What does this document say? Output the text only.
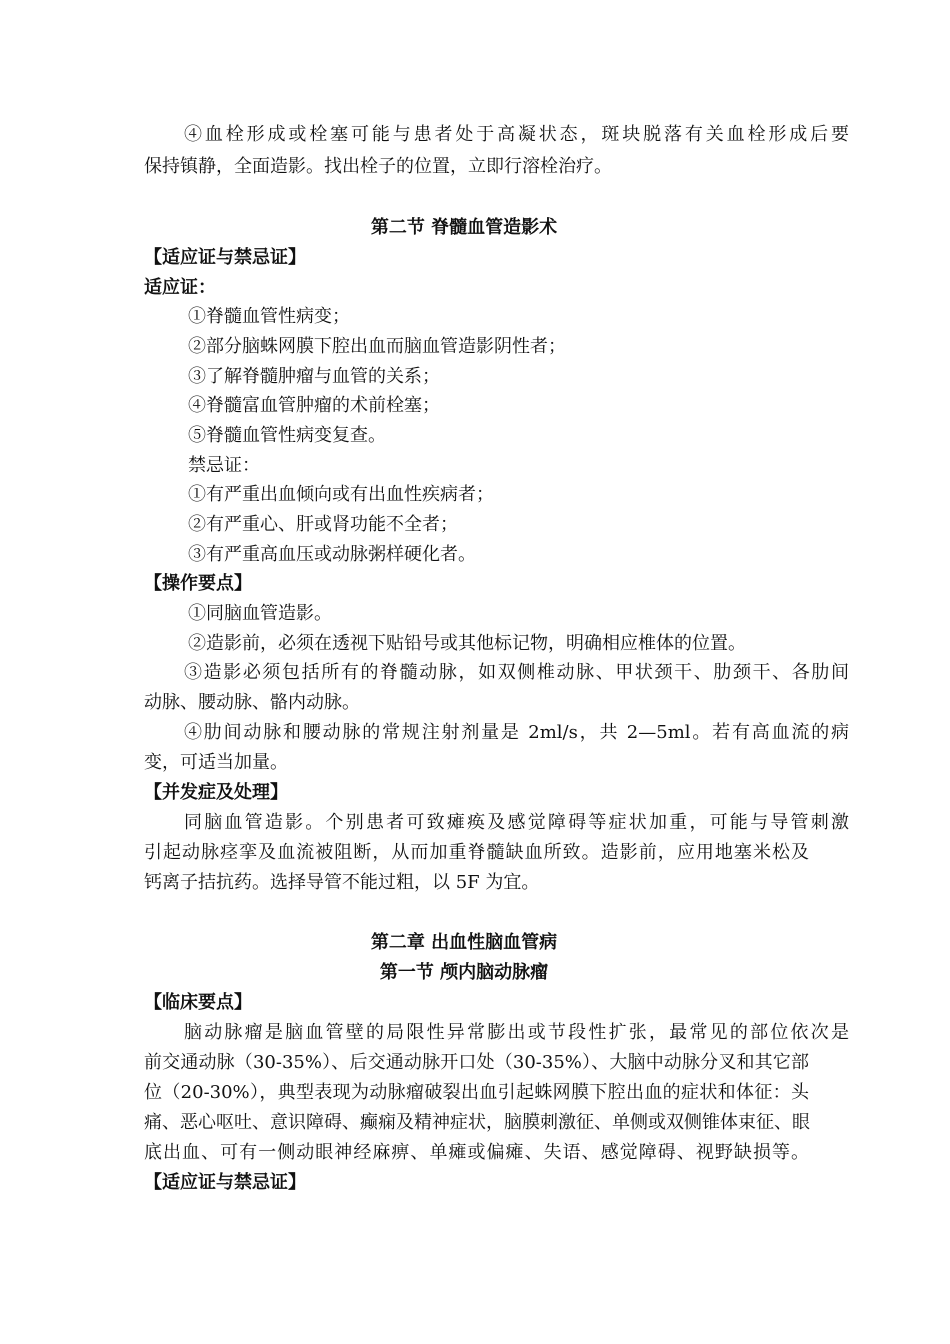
④血栓形成或栓塞可能与患者处于高凝状态，斑块脱落有关血栓形成后要
保持镇静，全面造影。找出栓子的位置，立即行溶栓治疗。
第二节 脊髓血管造影术
【适应证与禁忌证】
适应证：
①脊髓血管性病变；
②部分脑蛛网膜下腔出血而脑血管造影阴性者；
③了解脊髓肿瘤与血管的关系；
④脊髓富血管肿瘤的术前栓塞；
⑤脊髓血管性病变复查。
禁忌证：
①有严重出血倾向或有出血性疾病者；
②有严重心、肝或肾功能不全者；
③有严重高血压或动脉粥样硬化者。
【操作要点】
①同脑血管造影。
②造影前，必须在透视下贴铅号或其他标记物，明确相应椎体的位置。
③造影必须包括所有的脊髓动脉，如双侧椎动脉、甲状颈干、肋颈干、各肋间
动脉、腰动脉、骼内动脉。
④肋间动脉和腰动脉的常规注射剂量是 2ml/s，共 2—5ml。若有高血流的病
变，可适当加量。
【并发症及处理】
同脑血管造影。个别患者可致瘫痪及感觉障碍等症状加重，可能与导管刺激
引起动脉痉挛及血流被阻断，从而加重脊髓缺血所致。造影前，应用地塞米松及
钙离子拮抗药。选择导管不能过粗，以 5F 为宜。
第二章 出血性脑血管病
第一节 颅内脑动脉瘤
【临床要点】
脑动脉瘤是脑血管壁的局限性异常膨出或节段性扩张，最常见的部位依次是
前交通动脉（30-35%）、后交通动脉开口处（30-35%）、大脑中动脉分叉和其它部
位（20-30%），典型表现为动脉瘤破裂出血引起蛛网膜下腔出血的症状和体征：头
痛、恶心呕吐、意识障碍、癫痫及精神症状，脑膜刺激征、单侧或双侧锥体束征、眼
底出血、可有一侧动眼神经麻痹、单瘫或偏瘫、失语、感觉障碍、视野缺损等。
【适应证与禁忌证】
